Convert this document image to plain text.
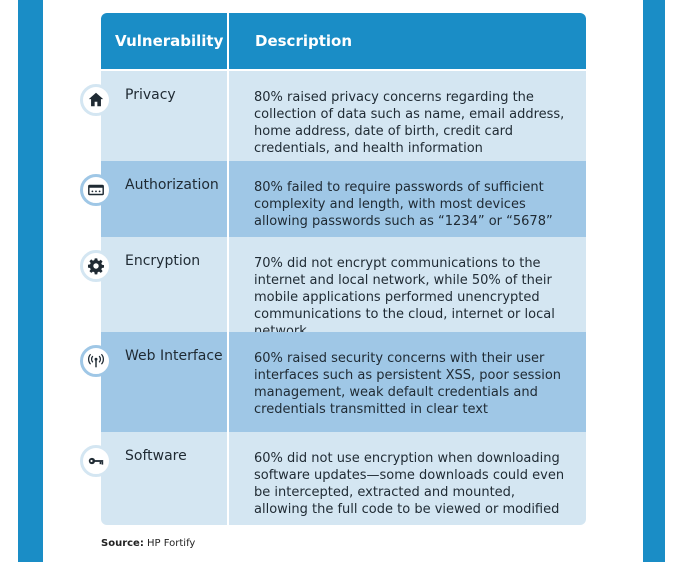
Vulnerability	Description
Privacy	80% raised privacy concerns regarding the collection of data such as name, email address, home address, date of birth, credit card credentials, and health information
Authorization	80% failed to require passwords of sufficient complexity and length, with most devices allowing passwords such as “1234” or “5678”
Encryption	70% did not encrypt communications to the internet and local network, while 50% of their mobile applications performed unencrypted communications to the cloud, internet or local
Web Interface	60% raised security concerns with their user interfaces such as persistent XSS, poor session management, weak default credentials and credentials transmitted in clear text
Software	60% did not use encryption when downloading software updates—some downloads could even be intercepted, extracted and mounted, allowing the full code to be viewed or modified
Source: HP Fortify
